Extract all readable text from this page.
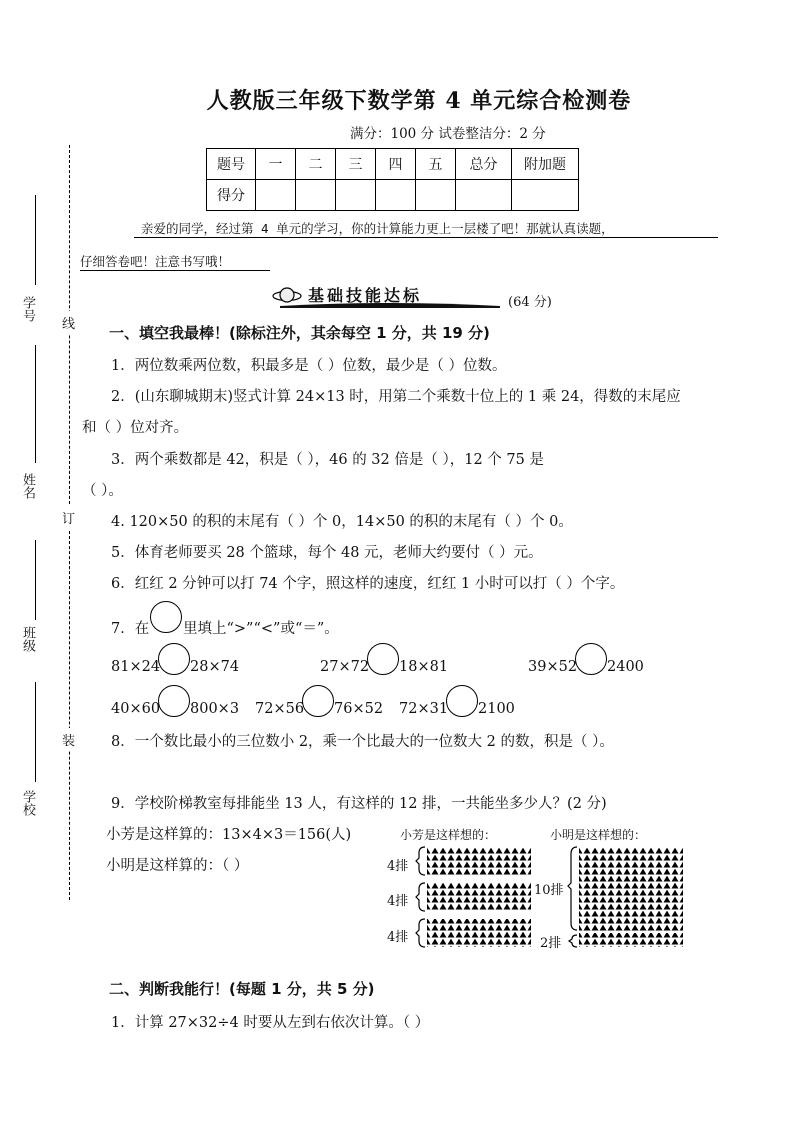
人教版三年级下数学第 4 单元综合检测卷
满分：100 分 试卷整洁分：2 分
题号	一	二	三	四	五	总分	附加题
得分							
亲爱的同学，经过第 4 单元的学习，你的计算能力更上一层楼了吧！那就认真读题，
仔细答卷吧！注意书写哦！
基础技能达标	(64 分)
学号
姓名
班级
学校
线
订
装
一、填空我最棒！(除标注外，其余每空 1 分，共 19 分)
1．两位数乘两位数，积最多是（ ）位数，最少是（ ）位数。
2．(山东聊城期末)竖式计算 24×13 时，用第二个乘数十位上的 1 乘 24，得数的末尾应
和（ ）位对齐。
3．两个乘数都是 42，积是（ ），46 的 32 倍是（ ），12 个 75 是
（ ）。
4. 120×50 的积的末尾有（ ）个 0，14×50 的积的末尾有（ ）个 0。
5．体育老师要买 28 个篮球，每个 48 元，老师大约要付（ ）元。
6．红红 2 分钟可以打 74 个字，照这样的速度，红红 1 小时可以打（ ）个字。
7．在 里填上“>”“<”或“＝”。
81×24 28×74	27×72 18×81	39×52 2400
40×60 800×3 72×56 76×52 72×31 2100
8．一个数比最小的三位数小 2，乘一个比最大的一位数大 2 的数，积是（ ）。
9．学校阶梯教室每排能坐 13 人，有这样的 12 排，一共能坐多少人？(2 分)
小芳是这样算的：13×4×3＝156(人)
小明是这样算的：（ ）
小芳是这样想的：	小明是这样想的：
4排
4排
4排
10排
2排
二、判断我能行！(每题 1 分，共 5 分)
1．计算 27×32÷4 时要从左到右依次计算。（ ）
